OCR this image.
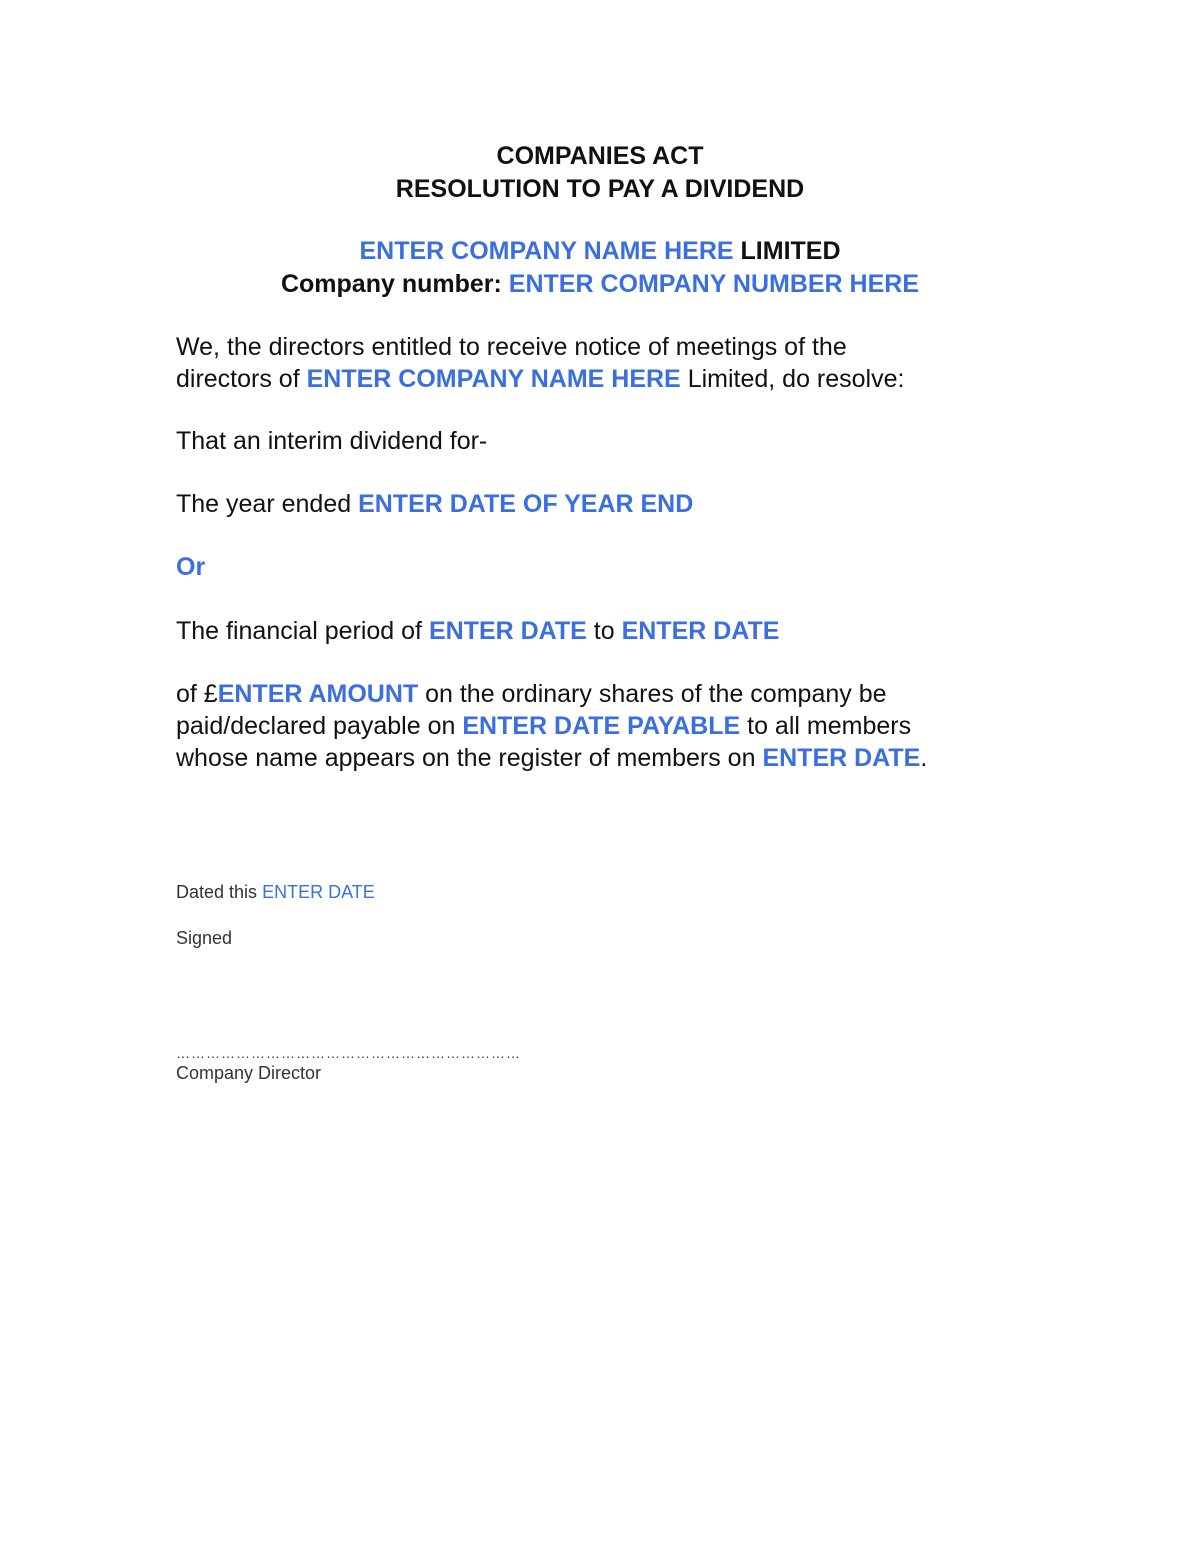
COMPANIES ACT
RESOLUTION TO PAY A DIVIDEND
ENTER COMPANY NAME HERE LIMITED
Company number: ENTER COMPANY NUMBER HERE
We, the directors entitled to receive notice of meetings of the
directors of ENTER COMPANY NAME HERE Limited, do resolve:
That an interim dividend for-
The year ended ENTER DATE OF YEAR END
Or
The financial period of ENTER DATE to ENTER DATE
of £ENTER AMOUNT on the ordinary shares of the company be
paid/declared payable on ENTER DATE PAYABLE to all members
whose name appears on the register of members on ENTER DATE.
Dated this ENTER DATE
Signed
……………………………………………………………
Company Director
